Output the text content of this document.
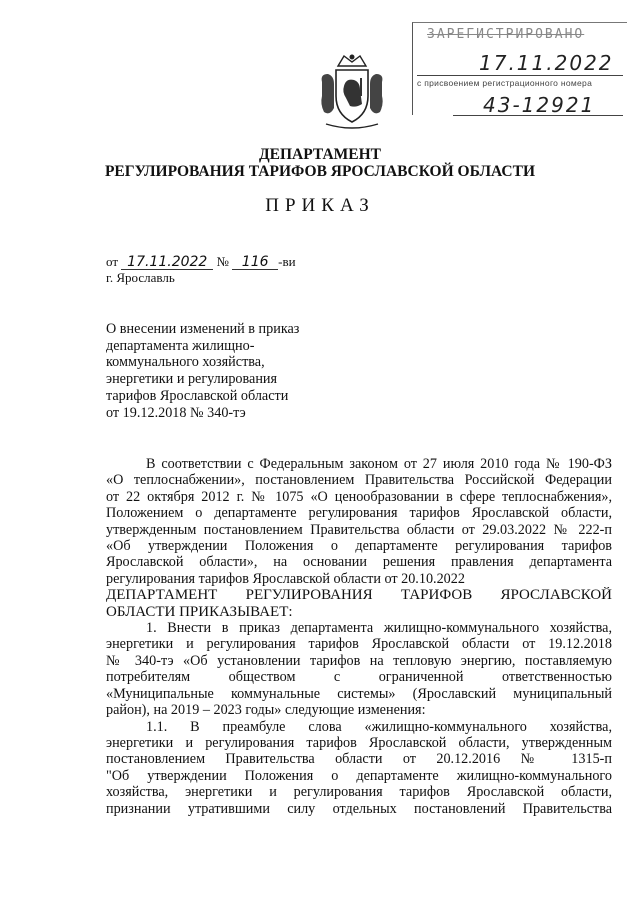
ЗАРЕГИСТРИРОВАНО
17.11.2022
с присвоением регистрационного номера
43-12921
ДЕПАРТАМЕНТ
РЕГУЛИРОВАНИЯ ТАРИФОВ ЯРОСЛАВСКОЙ ОБЛАСТИ
ПРИКАЗ
от 17.11.2022 № 116 -ви
г. Ярославль
О внесении изменений в приказ
департамента жилищно-
коммунального хозяйства,
энергетики и регулирования
тарифов Ярославской области
от 19.12.2018 № 340-тэ
В соответствии с Федеральным законом от 27 июля 2010 года № 190-ФЗ
«О теплоснабжении», постановлением Правительства Российской Федерации
от 22 октября 2012 г. № 1075 «О ценообразовании в сфере теплоснабжения»,
Положением о департаменте регулирования тарифов Ярославской области,
утвержденным постановлением Правительства области от 29.03.2022 № 222-п
«Об утверждении Положения о департаменте регулирования тарифов
Ярославской области», на основании решения правления департамента
регулирования тарифов Ярославской области от 20.10.2022
ДЕПАРТАМЕНТ РЕГУЛИРОВАНИЯ ТАРИФОВ ЯРОСЛАВСКОЙ
ОБЛАСТИ ПРИКАЗЫВАЕТ:
1. Внести в приказ департамента жилищно-коммунального хозяйства,
энергетики и регулирования тарифов Ярославской области от 19.12.2018
№ 340-тэ «Об установлении тарифов на тепловую энергию, поставляемую
потребителям обществом с ограниченной ответственностью
«Муниципальные коммунальные системы» (Ярославский муниципальный
район), на 2019 – 2023 годы» следующие изменения:
1.1. В преамбуле слова «жилищно-коммунального хозяйства,
энергетики и регулирования тарифов Ярославской области, утвержденным
постановлением Правительства области от 20.12.2016 № 1315-п
"Об утверждении Положения о департаменте жилищно-коммунального
хозяйства, энергетики и регулирования тарифов Ярославской области,
признании утратившими силу отдельных постановлений Правительства
